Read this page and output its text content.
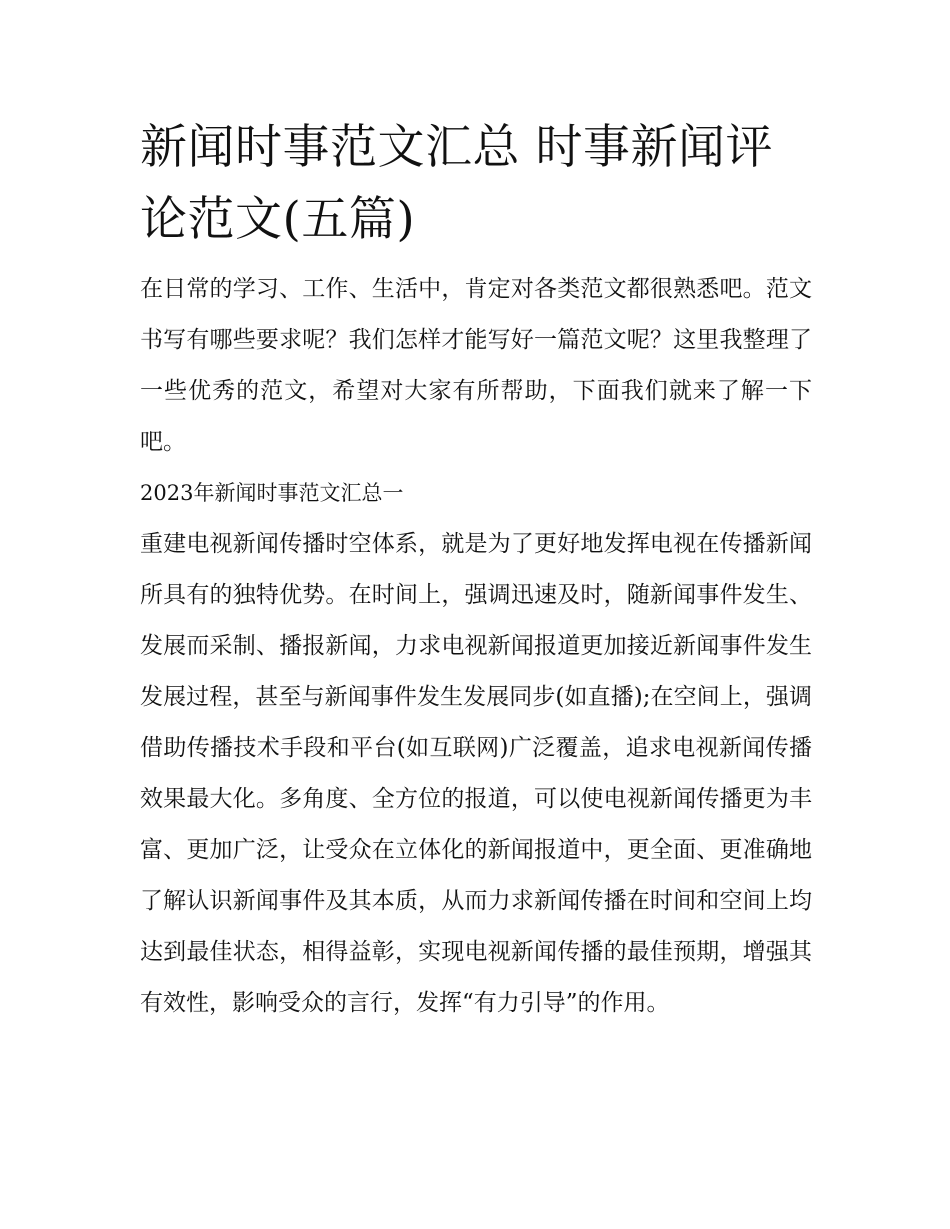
新闻时事范文汇总 时事新闻评论范文(五篇)

在日常的学习、工作、生活中，肯定对各类范文都很熟悉吧。范文书写有哪些要求呢？我们怎样才能写好一篇范文呢？这里我整理了一些优秀的范文，希望对大家有所帮助，下面我们就来了解一下吧。

2023年新闻时事范文汇总一

重建电视新闻传播时空体系，就是为了更好地发挥电视在传播新闻所具有的独特优势。在时间上，强调迅速及时，随新闻事件发生、发展而采制、播报新闻，力求电视新闻报道更加接近新闻事件发生发展过程，甚至与新闻事件发生发展同步(如直播);在空间上，强调借助传播技术手段和平台(如互联网)广泛覆盖，追求电视新闻传播效果最大化。多角度、全方位的报道，可以使电视新闻传播更为丰富、更加广泛，让受众在立体化的新闻报道中，更全面、更准确地了解认识新闻事件及其本质，从而力求新闻传播在时间和空间上均达到最佳状态，相得益彰，实现电视新闻传播的最佳预期，增强其有效性，影响受众的言行，发挥“有力引导”的作用。
